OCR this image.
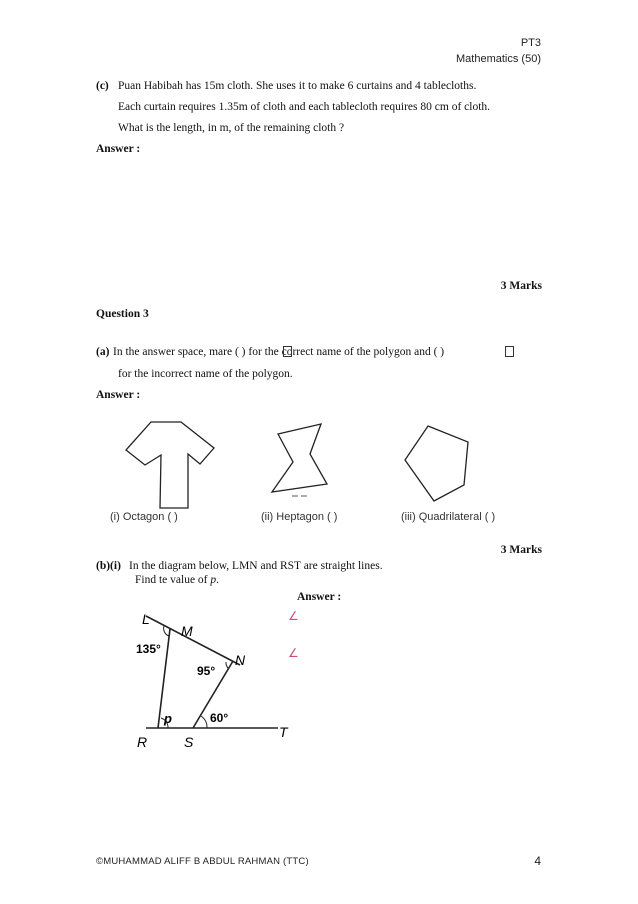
PT3
Mathematics (50)
(c) Puan Habibah has 15m cloth. She uses it to make 6 curtains and 4 tablecloths.
Each curtain requires 1.35m of cloth and each tablecloth requires 80 cm of cloth.
What is the length, in m, of the remaining cloth ?
Answer :
3 Marks
Question 3
(a) In the answer space, mare ( ) for the correct name of the polygon and ( )
for the incorrect name of the polygon.
Answer :
(i) Octagon ( )	(ii) Heptagon ( )	(iii) Quadrilateral ( )
3 Marks
(b)(i) In the diagram below, LMN and RST are straight lines.
Find te value of p.
Answer :
L
M
N
R	S
T
135°
95°
60°
p
∠
∠
©MUHAMMAD ALIFF B ABDUL RAHMAN (TTC)	4
